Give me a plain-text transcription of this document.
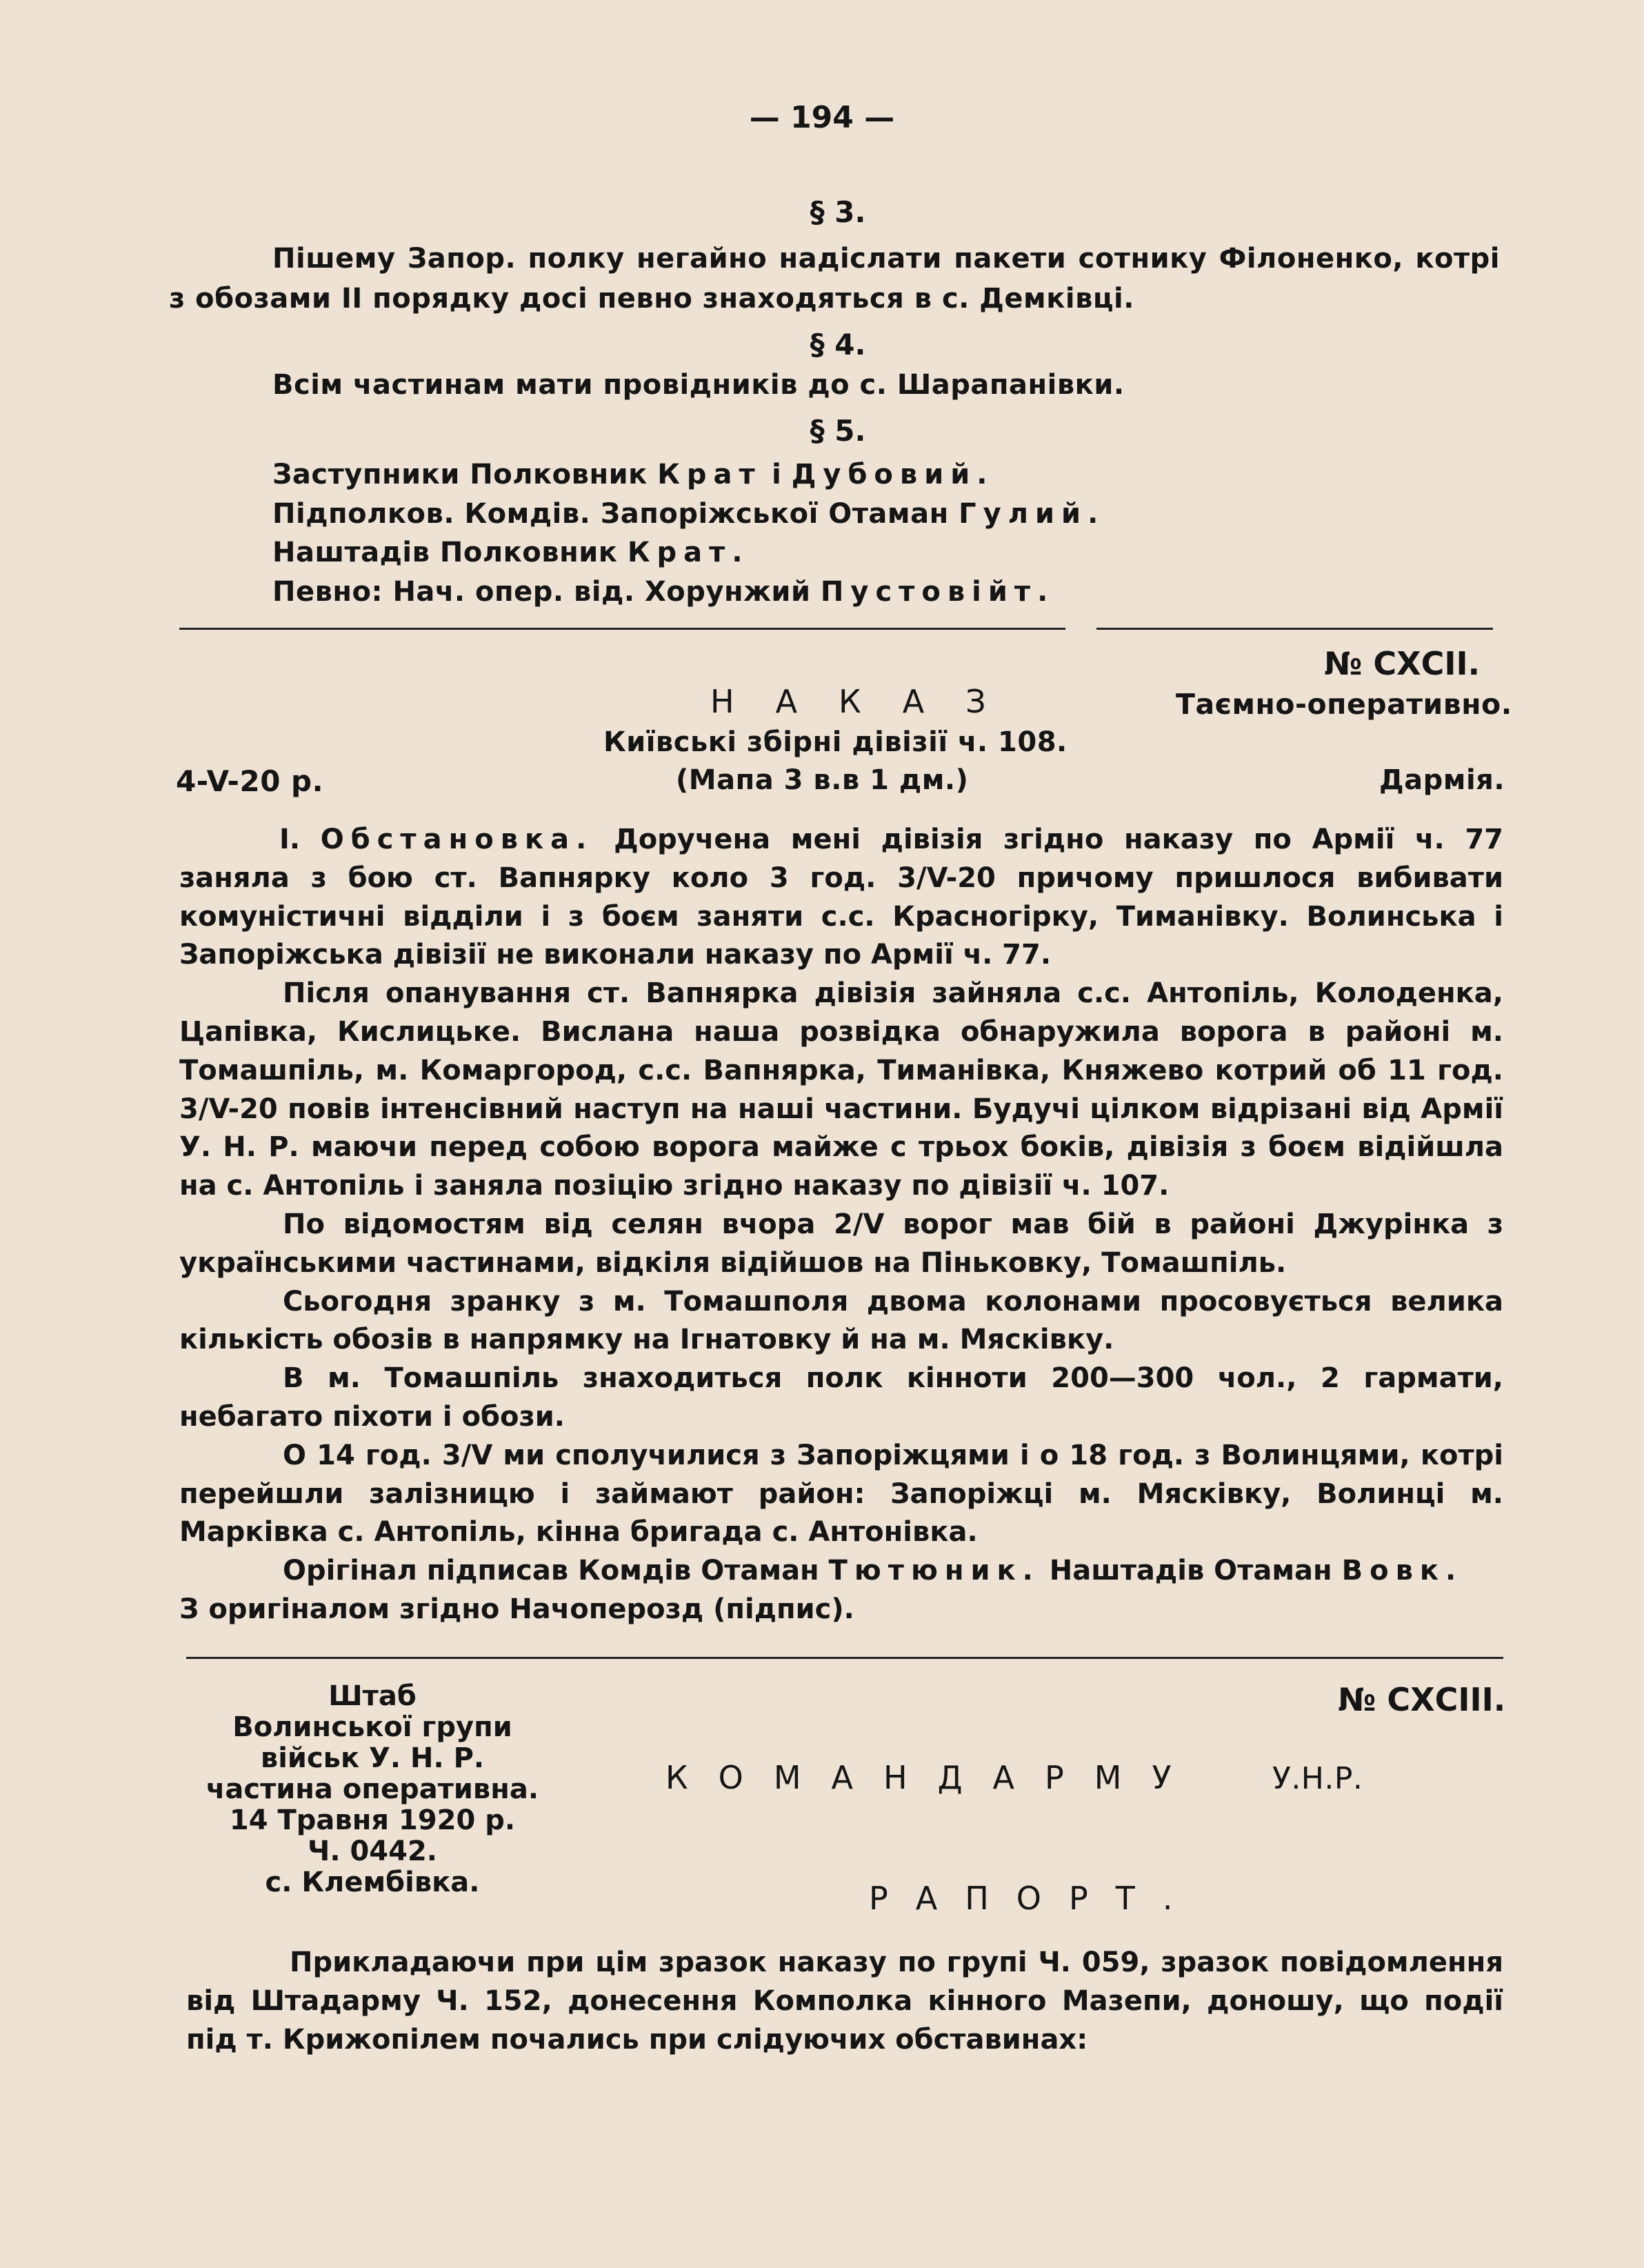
— 194 —
§ 3.
Пішему Запор. полку негайно надіслати пакети сотнику Філоненко, котрі
з обозами ІІ порядку досі певно знаходяться в с. Демківці.
§ 4.
Всім частинам мати провідників до с. Шарапанівки.
§ 5.
Заступники Полковник Крат і Дубовий.
Підполков. Комдів. Запоріжської Отаман Гулий.
Наштадів Полковник Крат.
Певно: Нач. опер. від. Хорунжий Пустовійт.
№ СХСІІ.
НАКАЗ	Таємно-оперативно.
Київські збірні дівізії ч. 108.
4-V-20 р.	(Мапа 3 в.в 1 дм.)	Дармія.

І. Обстановка. Доручена мені дівізія згідно наказу по Армії ч. 77 заняла з бою ст. Вапнярку коло 3 год. 3/V-20 причому пришлося вибивати комуністичні відділи і з боєм заняти с.с. Красногірку, Тиманівку. Волинська і Запоріжська дівізії не виконали наказу по Армії ч. 77.

Після опанування ст. Вапнярка дівізія зайняла с.с. Антопіль, Колоденка, Цапівка, Кислицьке. Вислана наша розвідка обнаружила ворога в районі м. Томашпіль, м. Комаргород, с.с. Вапнярка, Тиманівка, Княжево котрий об 11 год. 3/V-20 повів інтенсівний наступ на наші частини. Будучі цілком відрізані від Армії У. Н. Р. маючи перед собою ворога майже с трьох боків, дівізія з боєм відійшла на с. Антопіль і заняла позіцію згідно наказу по дівізії ч. 107.

По відомостям від селян вчора 2/V ворог мав бій в районі Джурінка з українськими частинами, відкіля відійшов на Піньковку, Томашпіль.

Сьогодня зранку з м. Томашполя двома колонами просовується велика кількість обозів в напрямку на Ігнатовку й на м. Мясківку.

В м. Томашпіль знаходиться полк кінноти 200—300 чол., 2 гармати, небагато піхоти і обози.

О 14 год. 3/V ми сполучилися з Запоріжцями і о 18 год. з Волинцями, котрі перейшли залізницю і займают район: Запоріжці м. Мясківку, Волинці м. Марківка с. Антопіль, кінна бригада с. Антонівка.

Орігінал підписав Комдів Отаман Тютюник. Наштадів Отаман Вовк.

З оригіналом згідно Начоперозд (підпис).

№ СХСІІІ.
Штаб
Волинської групи
військ У. Н. Р.
частина оперативна.
14 Травня 1920 р.
Ч. 0442.
с. Клембівка.
КОМАНДАРМУ У.Н.Р.
РАПОРТ.

Прикладаючи при цім зразок наказу по групі Ч. 059, зразок повідомлення від Штадарму Ч. 152, донесення Комполка кінного Мазепи, доношу, що події під т. Крижопілем почались при слідуючих обставинах:
